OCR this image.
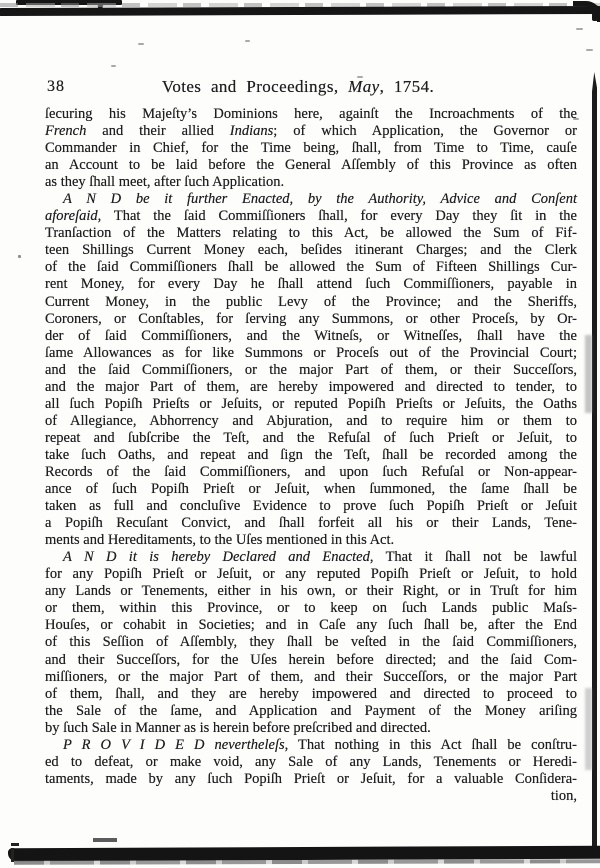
38	Votes and Proceedings, May, 1754.
ſecuring his Majeſty’s Dominions here, againſt the Incroachments of the
French and their allied Indians; of which Application, the Governor or
Commander in Chief, for the Time being, ſhall, from Time to Time, cauſe
an Account to be laid before the General Aſſembly of this Province as often
as they ſhall meet, after ſuch Application.
A N D be it further Enacted, by the Authority, Advice and Conſent
aforeſaid, That the ſaid Commiſſioners ſhall, for every Day they ſit in the
Tranſaction of the Matters relating to this Act, be allowed the Sum of Fif-
teen Shillings Current Money each, beſides itinerant Charges; and the Clerk
of the ſaid Commiſſioners ſhall be allowed the Sum of Fifteen Shillings Cur-
rent Money, for every Day he ſhall attend ſuch Commiſſioners, payable in
Current Money, in the public Levy of the Province; and the Sheriffs,
Coroners, or Conſtables, for ſerving any Summons, or other Proceſs, by Or-
der of ſaid Commiſſioners, and the Witneſs, or Witneſſes, ſhall have the
ſame Allowances as for like Summons or Proceſs out of the Provincial Court;
and the ſaid Commiſſioners, or the major Part of them, or their Succeſſors,
and the major Part of them, are hereby impowered and directed to tender, to
all ſuch Popiſh Prieſts or Jeſuits, or reputed Popiſh Prieſts or Jeſuits, the Oaths
of Allegiance, Abhorrency and Abjuration, and to require him or them to
repeat and ſubſcribe the Teſt, and the Refuſal of ſuch Prieſt or Jeſuit, to
take ſuch Oaths, and repeat and ſign the Teſt, ſhall be recorded among the
Records of the ſaid Commiſſioners, and upon ſuch Refuſal or Non-appear-
ance of ſuch Popiſh Prieſt or Jeſuit, when ſummoned, the ſame ſhall be
taken as full and concluſive Evidence to prove ſuch Popiſh Prieſt or Jeſuit
a Popiſh Recuſant Convict, and ſhall forfeit all his or their Lands, Tene-
ments and Hereditaments, to the Uſes mentioned in this Act.
A N D it is hereby Declared and Enacted, That it ſhall not be lawful
for any Popiſh Prieſt or Jeſuit, or any reputed Popiſh Prieſt or Jeſuit, to hold
any Lands or Tenements, either in his own, or their Right, or in Truſt for him
or them, within this Province, or to keep on ſuch Lands public Maſs-
Houſes, or cohabit in Societies; and in Caſe any ſuch ſhall be, after the End
of this Seſſion of Aſſembly, they ſhall be veſted in the ſaid Commiſſioners,
and their Succeſſors, for the Uſes herein before directed; and the ſaid Com-
miſſioners, or the major Part of them, and their Succeſſors, or the major Part
of them, ſhall, and they are hereby impowered and directed to proceed to
the Sale of the ſame, and Application and Payment of the Money ariſing
by ſuch Sale in Manner as is herein before preſcribed and directed.
P R O V I D E D nevertheleſs, That nothing in this Act ſhall be conſtru-
ed to defeat, or make void, any Sale of any Lands, Tenements or Heredi-
taments, made by any ſuch Popiſh Prieſt or Jeſuit, for a valuable Conſidera-
tion,
